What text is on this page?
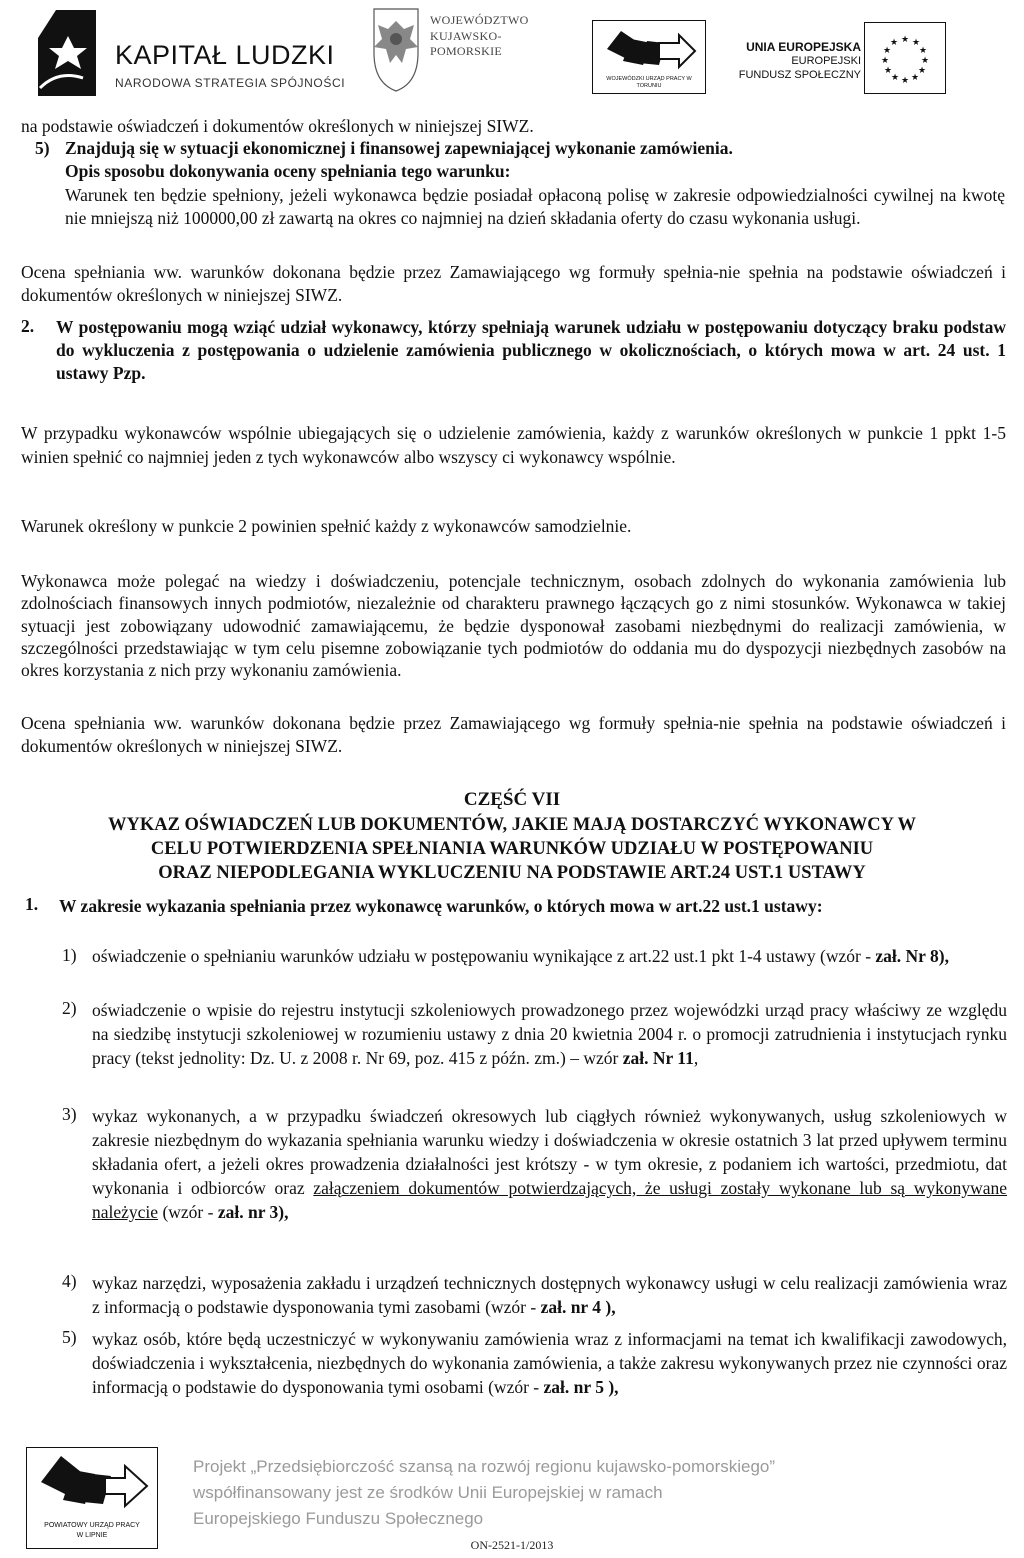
KAPITAŁ LUDZKI
NARODOWA STRATEGIA SPÓJNOŚCI
WOJEWÓDZTWO
KUJAWSKO-POMORSKIE
WOJEWÓDZKI URZĄD PRACY W TORUNIU
UNIA EUROPEJSKA
EUROPEJSKI
FUNDUSZ SPOŁECZNY
★ ★
★
★
★
★
★
★
★
★
★
★
na podstawie oświadczeń i dokumentów określonych w niniejszej SIWZ.
5) Znajdują się w sytuacji ekonomicznej i finansowej zapewniającej wykonanie zamówienia.
Opis sposobu dokonywania oceny spełniania tego warunku:
Warunek ten będzie spełniony, jeżeli wykonawca będzie posiadał opłaconą polisę w zakresie odpowiedzialności cywilnej na kwotę nie mniejszą niż 100000,00 zł zawartą na okres co najmniej na dzień składania oferty do czasu wykonania usługi.
Ocena spełniania ww. warunków dokonana będzie przez Zamawiającego wg formuły spełnia-nie spełnia na podstawie oświadczeń i dokumentów określonych w niniejszej SIWZ.
2. W postępowaniu mogą wziąć udział wykonawcy, którzy spełniają warunek udziału w postępowaniu dotyczący braku podstaw do wykluczenia z postępowania o udzielenie zamówienia publicznego w okolicznościach, o których mowa w art. 24 ust. 1 ustawy Pzp.
W przypadku wykonawców wspólnie ubiegających się o udzielenie zamówienia, każdy z warunków określonych w punkcie 1 ppkt 1-5 winien spełnić co najmniej jeden z tych wykonawców albo wszyscy ci wykonawcy wspólnie.
Warunek określony w punkcie 2 powinien spełnić każdy z wykonawców samodzielnie.
Wykonawca może polegać na wiedzy i doświadczeniu, potencjale technicznym, osobach zdolnych do wykonania zamówienia lub zdolnościach finansowych innych podmiotów, niezależnie od charakteru prawnego łączących go z nimi stosunków. Wykonawca w takiej sytuacji jest zobowiązany udowodnić zamawiającemu, że będzie dysponował zasobami niezbędnymi do realizacji zamówienia, w szczególności przedstawiając w tym celu pisemne zobowiązanie tych podmiotów do oddania mu do dyspozycji niezbędnych zasobów na okres korzystania z nich przy wykonaniu zamówienia.
Ocena spełniania ww. warunków dokonana będzie przez Zamawiającego wg formuły spełnia-nie spełnia na podstawie oświadczeń i dokumentów określonych w niniejszej SIWZ.
CZĘŚĆ VII
WYKAZ OŚWIADCZEŃ LUB DOKUMENTÓW, JAKIE MAJĄ DOSTARCZYĆ WYKONAWCY W
CELU POTWIERDZENIA SPEŁNIANIA WARUNKÓW UDZIAŁU W POSTĘPOWANIU
ORAZ NIEPODLEGANIA WYKLUCZENIU NA PODSTAWIE ART.24 UST.1 USTAWY
1. W zakresie wykazania spełniania przez wykonawcę warunków, o których mowa w art.22 ust.1 ustawy:
1) oświadczenie o spełnianiu warunków udziału w postępowaniu wynikające z art.22 ust.1 pkt 1-4 ustawy (wzór - zał. Nr 8),
2) oświadczenie o wpisie do rejestru instytucji szkoleniowych prowadzonego przez wojewódzki urząd pracy właściwy ze względu na siedzibę instytucji szkoleniowej w rozumieniu ustawy z dnia 20 kwietnia 2004 r. o promocji zatrudnienia i instytucjach rynku pracy (tekst jednolity: Dz. U. z 2008 r. Nr 69, poz. 415 z późn. zm.) – wzór zał. Nr 11,
3) wykaz wykonanych, a w przypadku świadczeń okresowych lub ciągłych również wykonywanych, usług szkoleniowych w zakresie niezbędnym do wykazania spełniania warunku wiedzy i doświadczenia w okresie ostatnich 3 lat przed upływem terminu składania ofert, a jeżeli okres prowadzenia działalności jest krótszy - w tym okresie, z podaniem ich wartości, przedmiotu, dat wykonania i odbiorców oraz załączeniem dokumentów potwierdzających, że usługi zostały wykonane lub są wykonywane należycie (wzór - zał. nr 3),
4) wykaz narzędzi, wyposażenia zakładu i urządzeń technicznych dostępnych wykonawcy usługi w celu realizacji zamówienia wraz z informacją o podstawie dysponowania tymi zasobami (wzór - zał. nr 4 ),
5) wykaz osób, które będą uczestniczyć w wykonywaniu zamówienia wraz z informacjami na temat ich kwalifikacji zawodowych, doświadczenia i wykształcenia, niezbędnych do wykonania zamówienia, a także zakresu wykonywanych przez nie czynności oraz informacją o podstawie do dysponowania tymi osobami (wzór - zał. nr 5 ),
POWIATOWY URZĄD PRACY
W LIPNIE
Projekt „Przedsiębiorczość szansą na rozwój regionu kujawsko-pomorskiego”
współfinansowany jest ze środków Unii Europejskiej w ramach
Europejskiego Funduszu Społecznego
ON-2521-1/2013
